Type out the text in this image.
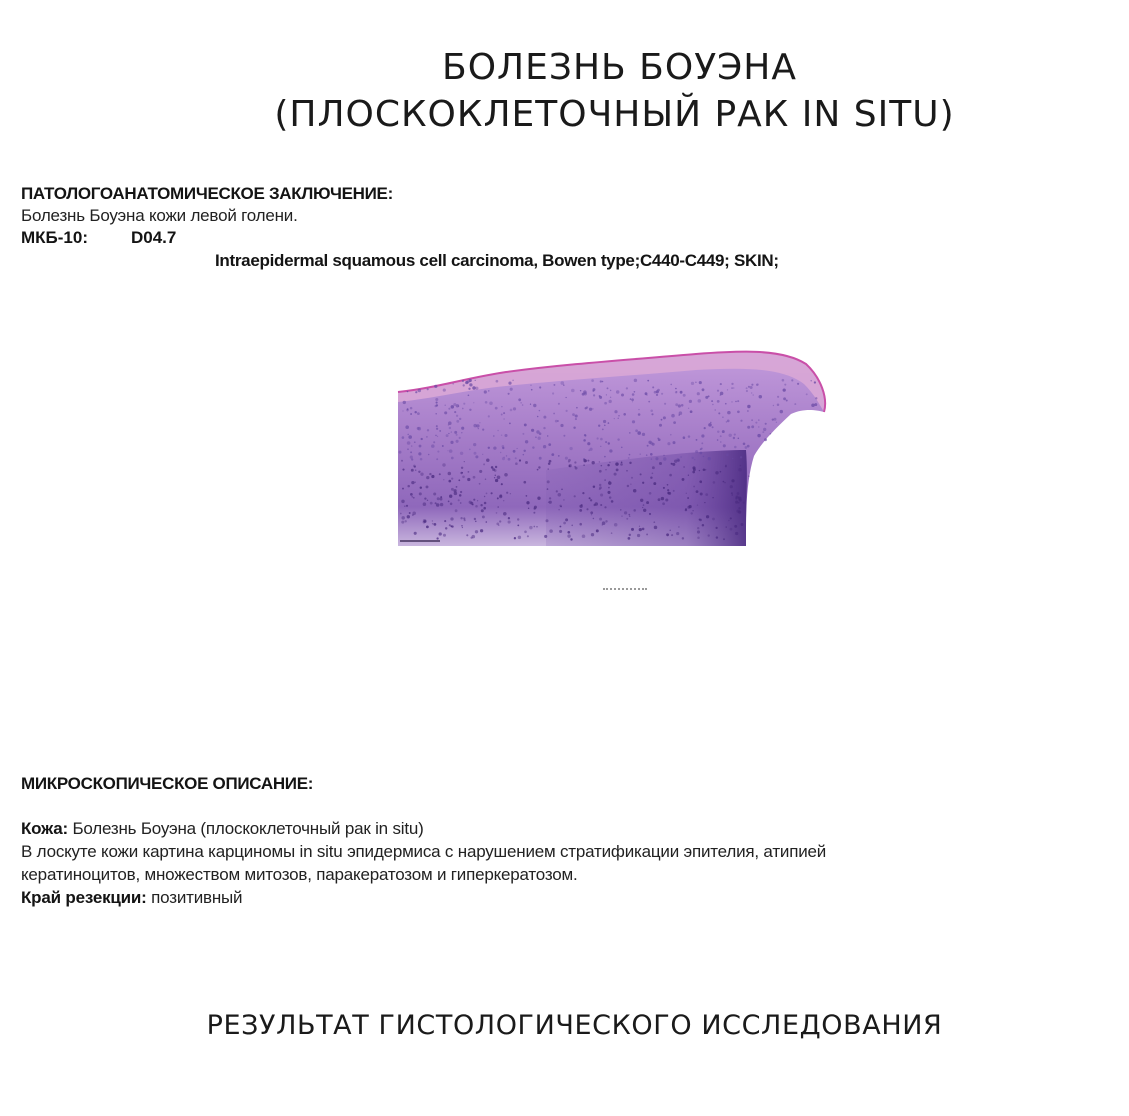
БОЛЕЗНЬ БОУЭНА
(ПЛОСКОКЛЕТОЧНЫЙ РАК IN SITU)
ПАТОЛОГОАНАТОМИЧЕСКОЕ ЗАКЛЮЧЕНИЕ:
Болезнь Боуэна кожи левой голени.
МКБ-10:	D04.7
Intraepidermal squamous cell carcinoma, Bowen type;C440-C449; SKIN;
МИКРОСКОПИЧЕСКОЕ ОПИСАНИЕ:
Кожа: Болезнь Боуэна (плоскоклеточный рак in situ)
В лоскуте кожи картина карциномы in situ эпидермиса с нарушением стратификации эпителия, атипией
кератиноцитов, множеством митозов, паракератозом и гиперкератозом.
Край резекции: позитивный
РЕЗУЛЬТАТ ГИСТОЛОГИЧЕСКОГО ИССЛЕДОВАНИЯ
